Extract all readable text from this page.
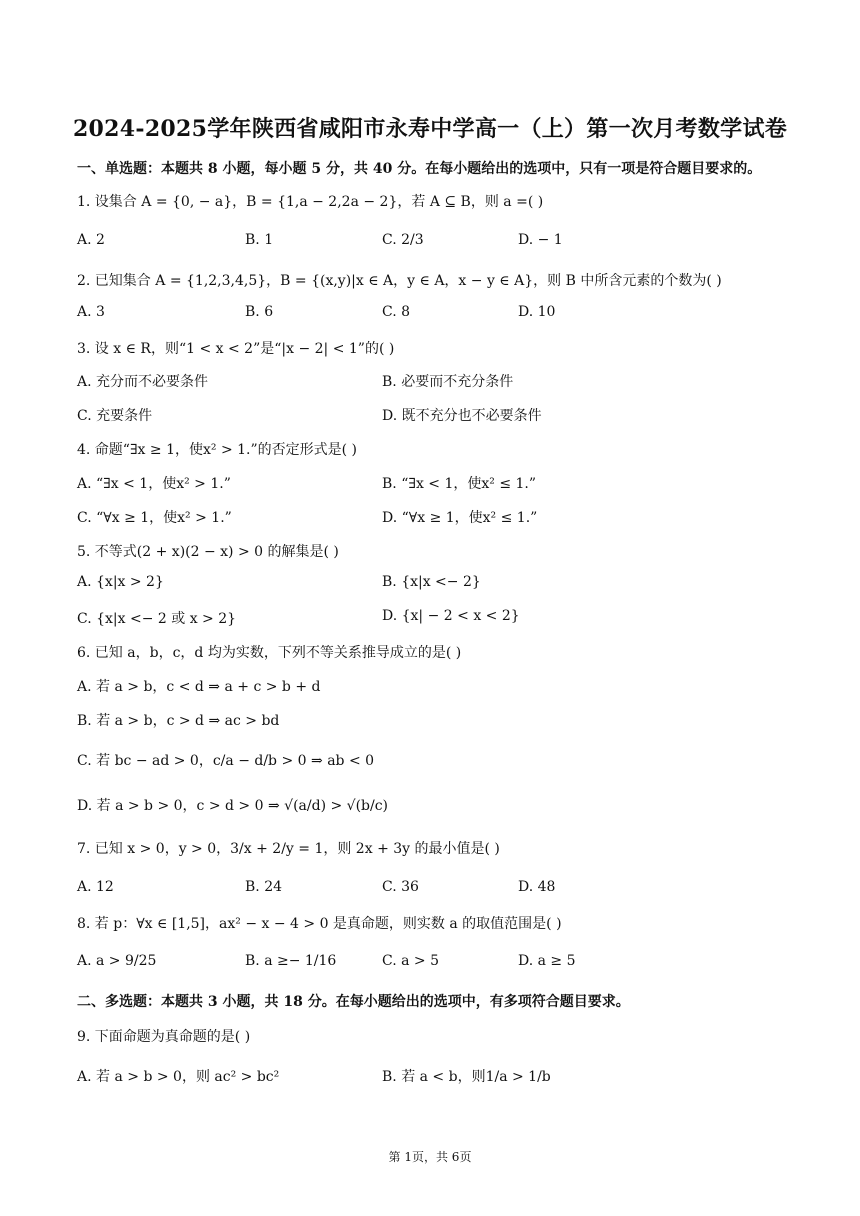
2024-2025学年陕西省咸阳市永寿中学高一（上）第一次月考数学试卷
一、单选题：本题共 8 小题，每小题 5 分，共 40 分。在每小题给出的选项中，只有一项是符合题目要求的。
1. 设集合 A = {0, − a}，B = {1,a − 2,2a − 2}，若 A ⊆ B，则 a =( )
A. 2	B. 1	C. 2/3	D. − 1
2. 已知集合 A = {1,2,3,4,5}，B = {(x,y)|x ∈ A，y ∈ A，x − y ∈ A}，则 B 中所含元素的个数为( )
A. 3	B. 6	C. 8	D. 10
3. 设 x ∈ R，则“1 < x < 2”是“|x − 2| < 1”的( )
A. 充分而不必要条件	B. 必要而不充分条件
C. 充要条件	D. 既不充分也不必要条件
4. 命题“∃x ≥ 1，使x² > 1.”的否定形式是( )
A. “∃x < 1，使x² > 1.”	B. “∃x < 1，使x² ≤ 1.”
C. “∀x ≥ 1，使x² > 1.”	D. “∀x ≥ 1，使x² ≤ 1.”
5. 不等式(2 + x)(2 − x) > 0 的解集是( )
A. {x|x > 2}	B. {x|x <− 2}
C. {x|x <− 2 或 x > 2}	D. {x| − 2 < x < 2}
6. 已知 a，b，c，d 均为实数，下列不等关系推导成立的是( )
A. 若 a > b，c < d ⇒ a + c > b + d
B. 若 a > b，c > d ⇒ ac > bd
C. 若 bc − ad > 0，c/a − d/b > 0 ⇒ ab < 0
D. 若 a > b > 0，c > d > 0 ⇒ √(a/d) > √(b/c)
7. 已知 x > 0，y > 0，3/x + 2/y = 1，则 2x + 3y 的最小值是( )
A. 12	B. 24	C. 36	D. 48
8. 若 p：∀x ∈ [1,5]，ax² − x − 4 > 0 是真命题，则实数 a 的取值范围是( )
A. a > 9/25	B. a ≥− 1/16	C. a > 5	D. a ≥ 5
二、多选题：本题共 3 小题，共 18 分。在每小题给出的选项中，有多项符合题目要求。
9. 下面命题为真命题的是( )
A. 若 a > b > 0，则 ac² > bc²	B. 若 a < b，则1/a > 1/b
第 1页，共 6页
